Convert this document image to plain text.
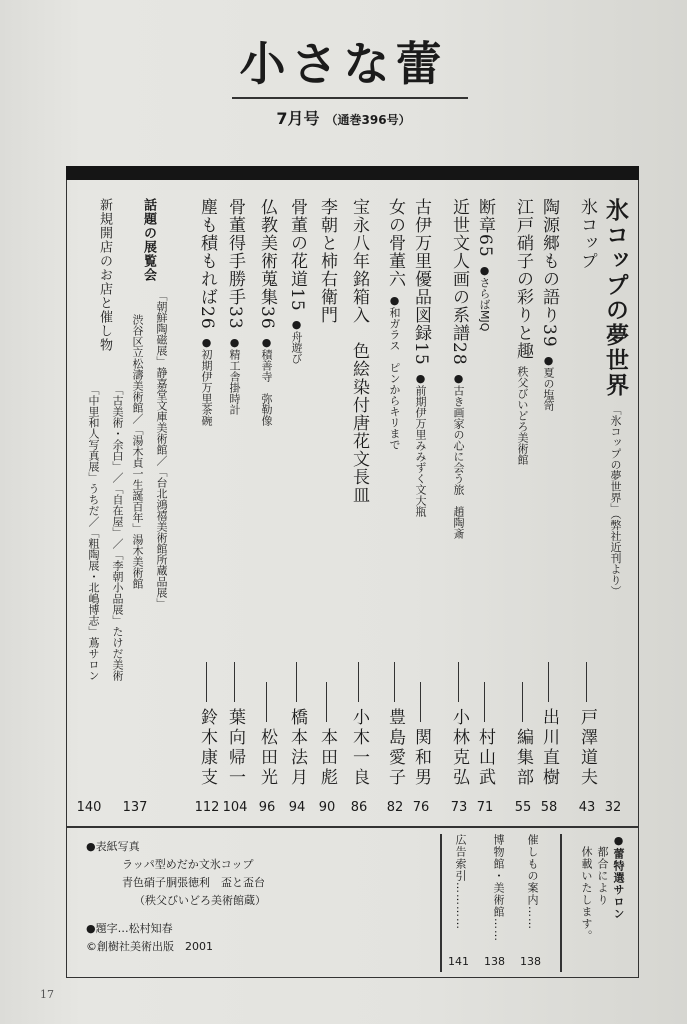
小さな蕾
7月号 （通巻396号）
氷コップの夢世界
「氷コップの夢世界」（弊社近刊より）
32
氷コップ
戸澤道夫
43
陶源郷もの語り39
●夏の塩笥
出川直樹
58
江戸硝子の彩りと趣
秩父びいどろ美術館
編集部
55
断章65
●さらばMJQ
村山武
71
近世文人画の系譜28
●古き画家の心に会う旅　趙陶斎
小林克弘
73
古伊万里優品図録15
●前期伊万里みみずく文大瓶
関和男
76
女の骨董六
●和ガラス　ピンからキリまで
豊島愛子
82
宝永八年銘箱入　色絵染付唐花文長皿
小木一良
86
李朝と柿右衛門
本田彪
90
骨董の花道15
●舟遊び
橋本法月
94
仏教美術蒐集36
●積善寺　弥勒像
松田光
96
骨董得手勝手33
●精工舎掛時計
葉向帰一
104
塵も積もれば26
●初期伊万里茶碗
鈴木康支
112
話題の展覧会
「朝鮮陶磁展」静嘉堂文庫美術館／「台北鴻禧美術館所蔵品展」
渋谷区立松濤美術館／「湯木貞一生誕百年」湯木美術館
137
新規開店のお店と催し物
「古美術・余白」／「自在屋」／「李朝小品展」たけだ美術
「中里和人写真展」うちだ／「粗陶展・北嶋博志」蔦サロン
140
●表紙写真
ラッパ型めだか文氷コップ
青色硝子胴張徳利　盃と盃台
（秩父びいどろ美術館蔵）
●題字…松村知春
©創樹社美術出版　2001
広告索引…………
141
博物館・美術館……
138
催しもの案内……
138
●蕾特選サロン
都合により
休載いたします。
17
